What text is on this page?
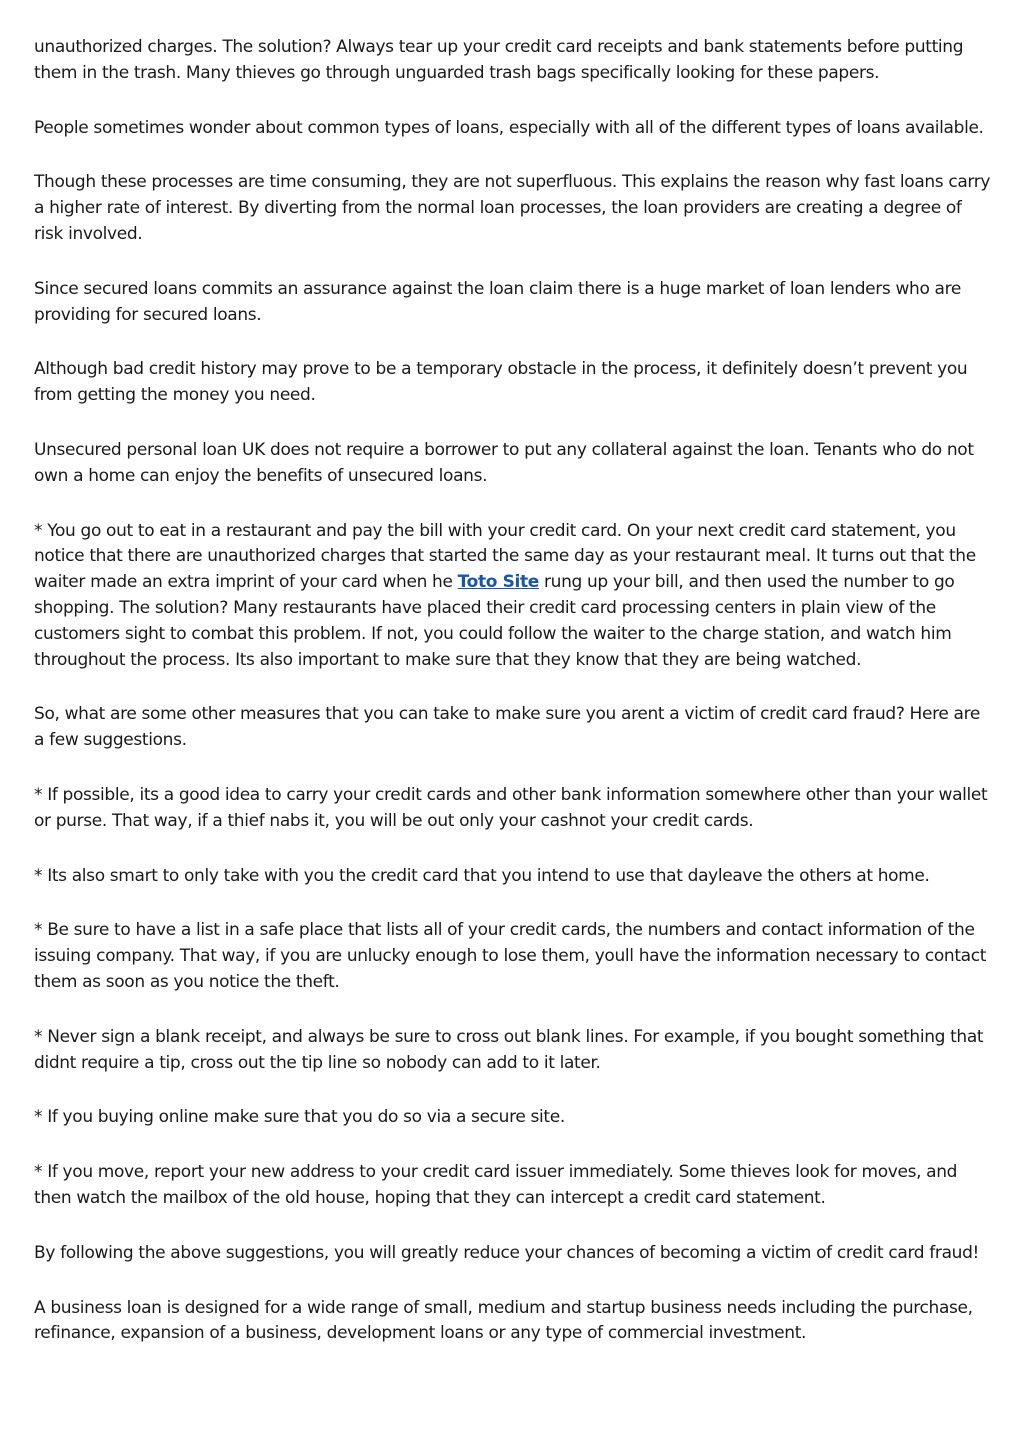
unauthorized charges. The solution? Always tear up your credit card receipts and bank statements before putting them in the trash. Many thieves go through unguarded trash bags specifically looking for these papers.

People sometimes wonder about common types of loans, especially with all of the different types of loans available.

Though these processes are time consuming, they are not superfluous. This explains the reason why fast loans carry a higher rate of interest. By diverting from the normal loan processes, the loan providers are creating a degree of risk involved.

Since secured loans commits an assurance against the loan claim there is a huge market of loan lenders who are providing for secured loans.

Although bad credit history may prove to be a temporary obstacle in the process, it definitely doesn’t prevent you from getting the money you need.

Unsecured personal loan UK does not require a borrower to put any collateral against the loan. Tenants who do not own a home can enjoy the benefits of unsecured loans.

* You go out to eat in a restaurant and pay the bill with your credit card. On your next credit card statement, you notice that there are unauthorized charges that started the same day as your restaurant meal. It turns out that the waiter made an extra imprint of your card when he Toto Site rung up your bill, and then used the number to go shopping. The solution? Many restaurants have placed their credit card processing centers in plain view of the customers sight to combat this problem. If not, you could follow the waiter to the charge station, and watch him throughout the process. Its also important to make sure that they know that they are being watched.

So, what are some other measures that you can take to make sure you arent a victim of credit card fraud? Here are a few suggestions.

* If possible, its a good idea to carry your credit cards and other bank information somewhere other than your wallet or purse. That way, if a thief nabs it, you will be out only your cashnot your credit cards.

* Its also smart to only take with you the credit card that you intend to use that dayleave the others at home.

* Be sure to have a list in a safe place that lists all of your credit cards, the numbers and contact information of the issuing company. That way, if you are unlucky enough to lose them, youll have the information necessary to contact them as soon as you notice the theft.

* Never sign a blank receipt, and always be sure to cross out blank lines. For example, if you bought something that didnt require a tip, cross out the tip line so nobody can add to it later.

* If you buying online make sure that you do so via a secure site.

* If you move, report your new address to your credit card issuer immediately. Some thieves look for moves, and then watch the mailbox of the old house, hoping that they can intercept a credit card statement.

By following the above suggestions, you will greatly reduce your chances of becoming a victim of credit card fraud!

A business loan is designed for a wide range of small, medium and startup business needs including the purchase, refinance, expansion of a business, development loans or any type of commercial investment.
